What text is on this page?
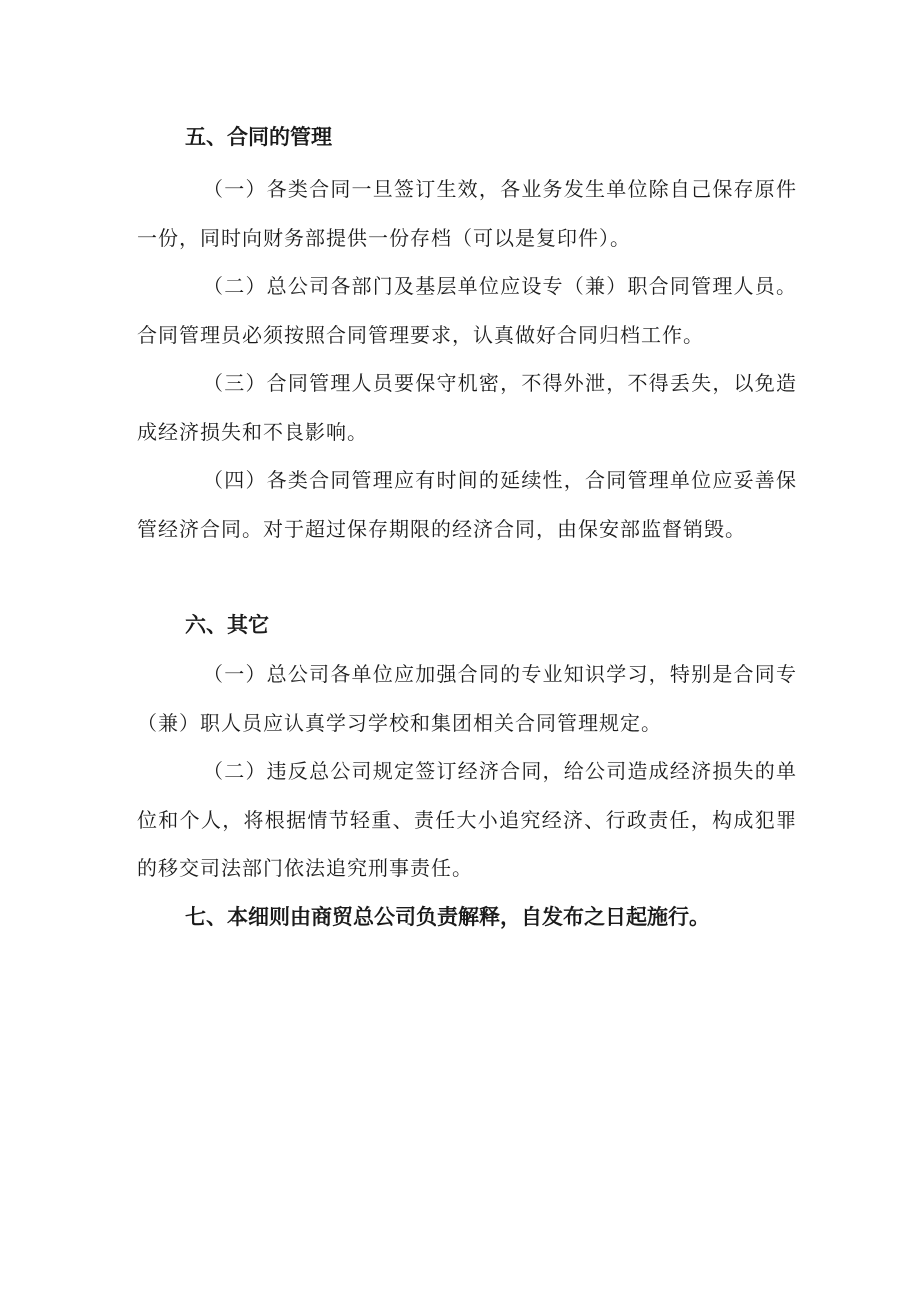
五、合同的管理

（一）各类合同一旦签订生效，各业务发生单位除自己保存原件一份，同时向财务部提供一份存档（可以是复印件）。

（二）总公司各部门及基层单位应设专（兼）职合同管理人员。合同管理员必须按照合同管理要求，认真做好合同归档工作。

（三）合同管理人员要保守机密，不得外泄，不得丢失，以免造成经济损失和不良影响。

（四）各类合同管理应有时间的延续性，合同管理单位应妥善保管经济合同。对于超过保存期限的经济合同，由保安部监督销毁。

六、其它

（一）总公司各单位应加强合同的专业知识学习，特别是合同专（兼）职人员应认真学习学校和集团相关合同管理规定。

（二）违反总公司规定签订经济合同，给公司造成经济损失的单位和个人，将根据情节轻重、责任大小追究经济、行政责任，构成犯罪的移交司法部门依法追究刑事责任。

七、本细则由商贸总公司负责解释，自发布之日起施行。
